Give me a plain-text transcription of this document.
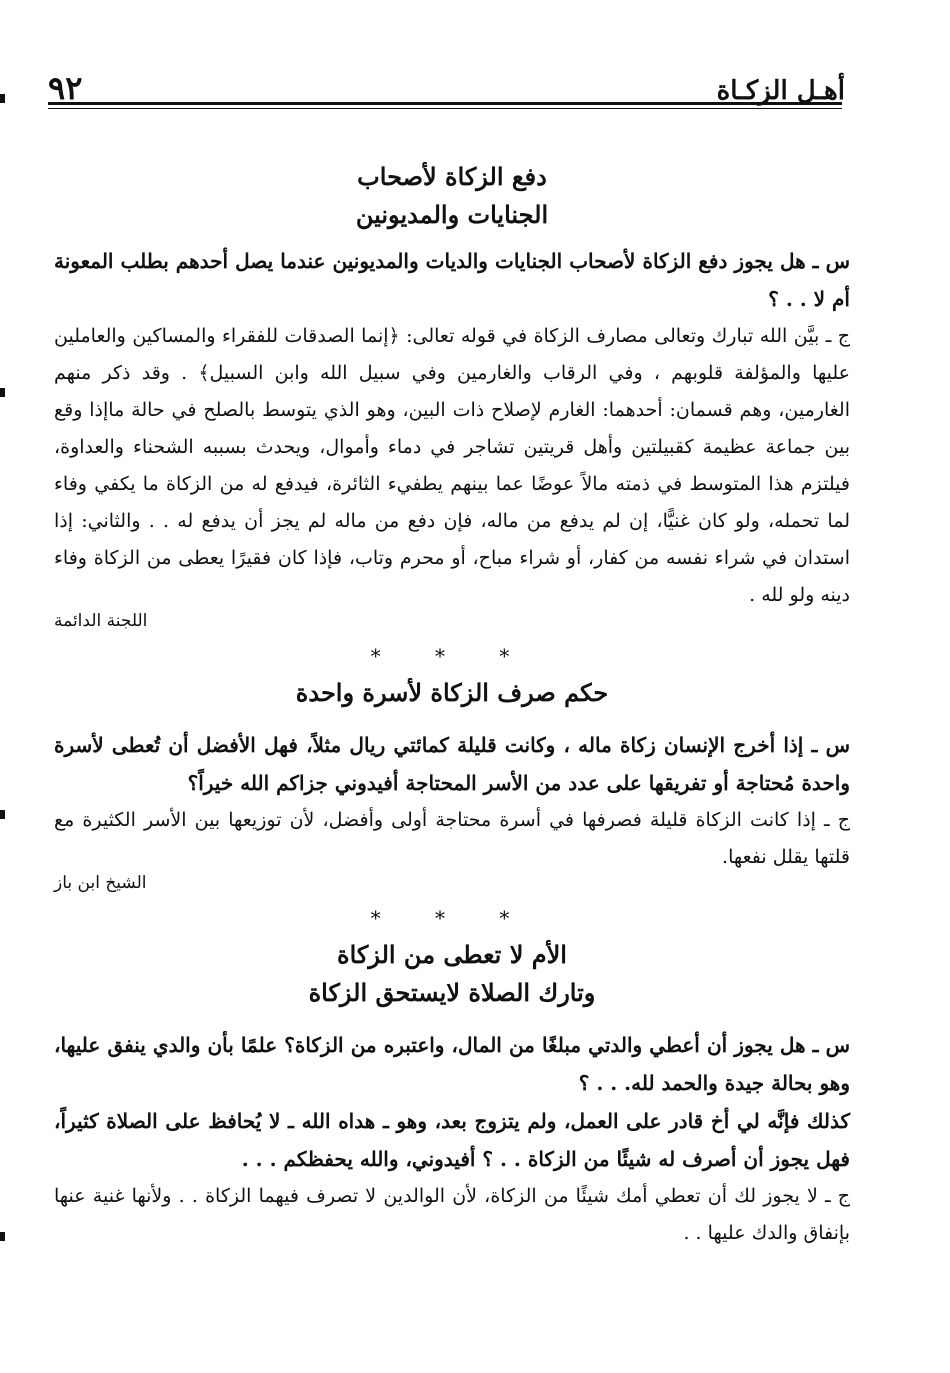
٩٢	أهـل الزكـاة
دفع الزكاة لأصحاب
الجنايات والمديونين

س ـ هل يجوز دفع الزكاة لأصحاب الجنايات والديات والمديونين عندما يصل أحدهم بطلب المعونة أم لا . . ؟

ج ـ بيَّن الله تبارك وتعالى مصارف الزكاة في قوله تعالى: ﴿إنما الصدقات للفقراء والمساكين والعاملين عليها والمؤلفة قلوبهم ، وفي الرقاب والغارمين وفي سبيل الله وابن السبيل﴾ . وقد ذكر منهم الغارمين، وهم قسمان: أحدهما: الغارم لإصلاح ذات البين، وهو الذي يتوسط بالصلح في حالة ماإذا وقع بين جماعة عظيمة كقبيلتين وأهل قريتين تشاجر في دماء وأموال، ويحدث بسببه الشحناء والعداوة، فيلتزم هذا المتوسط في ذمته مالاً عوضًا عما بينهم يطفيء الثائرة، فيدفع له من الزكاة ما يكفي وفاء لما تحمله، ولو كان غنيًّا، إن لم يدفع من ماله، فإن دفع من ماله لم يجز أن يدفع له . . والثاني: إذا استدان في شراء نفسه من كفار، أو شراء مباح، أو محرم وتاب، فإذا كان فقيرًا يعطى من الزكاة وفاء دينه ولو لله .

اللجنة الدائمة

* * *
حكم صرف الزكاة لأسرة واحدة

س ـ إذا أخرج الإنسان زكاة ماله ، وكانت قليلة كمائتي ريال مثلاً، فهل الأفضل أن تُعطى لأسرة واحدة مُحتاجة أو تفريقها على عدد من الأسر المحتاجة أفيدوني جزاكم الله خيراً؟

ج ـ إذا كانت الزكاة قليلة فصرفها في أسرة محتاجة أولى وأفضل، لأن توزيعها بين الأسر الكثيرة مع قلتها يقلل نفعها.

الشيخ ابن باز

* * *
الأم لا تعطى من الزكاة
وتارك الصلاة لايستحق الزكاة

س ـ هل يجوز أن أعطي والدتي مبلغًا من المال، واعتبره من الزكاة؟ علمًا بأن والدي ينفق عليها، وهو بحالة جيدة والحمد لله. . . ؟

كذلك فإنَّه لي أخ قادر على العمل، ولم يتزوج بعد، وهو ـ هداه الله ـ لا يُحافظ على الصلاة كثيراً، فهل يجوز أن أصرف له شيئًا من الزكاة . . ؟ أفيدوني، والله يحفظكم . . .

ج ـ لا يجوز لك أن تعطي أمك شيئًا من الزكاة، لأن الوالدين لا تصرف فيهما الزكاة . . ولأنها غنية عنها بإنفاق والدك عليها . .
